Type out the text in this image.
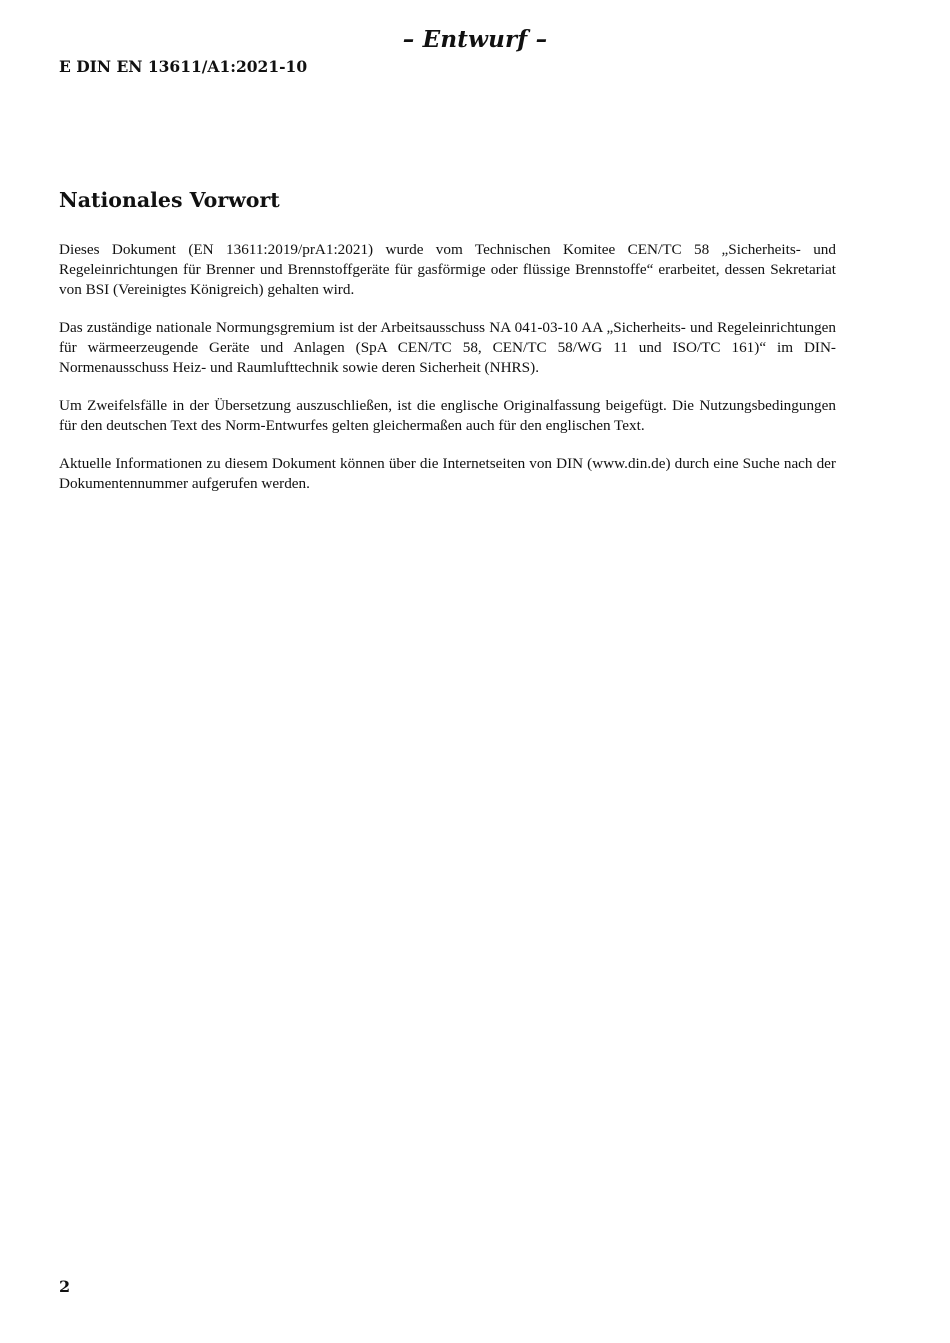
– Entwurf –
E DIN EN 13611/A1:2021-10
Nationales Vorwort

Dieses Dokument (EN 13611:2019/prA1:2021) wurde vom Technischen Komitee CEN/TC 58 „Sicherheits- und Regeleinrichtungen für Brenner und Brennstoffgeräte für gasförmige oder flüssige Brennstoffe“ erarbeitet, dessen Sekretariat von BSI (Vereinigtes Königreich) gehalten wird.

Das zuständige nationale Normungsgremium ist der Arbeitsausschuss NA 041-03-10 AA „Sicherheits- und Regeleinrichtungen für wärmeerzeugende Geräte und Anlagen (SpA CEN/TC 58, CEN/TC 58/WG 11 und ISO/TC 161)“ im DIN-Normenausschuss Heiz- und Raumlufttechnik sowie deren Sicherheit (NHRS).

Um Zweifelsfälle in der Übersetzung auszuschließen, ist die englische Originalfassung beigefügt. Die Nutzungsbedingungen für den deutschen Text des Norm-Entwurfes gelten gleichermaßen auch für den englischen Text.

Aktuelle Informationen zu diesem Dokument können über die Internetseiten von DIN (www.din.de) durch eine Suche nach der Dokumentennummer aufgerufen werden.

2
